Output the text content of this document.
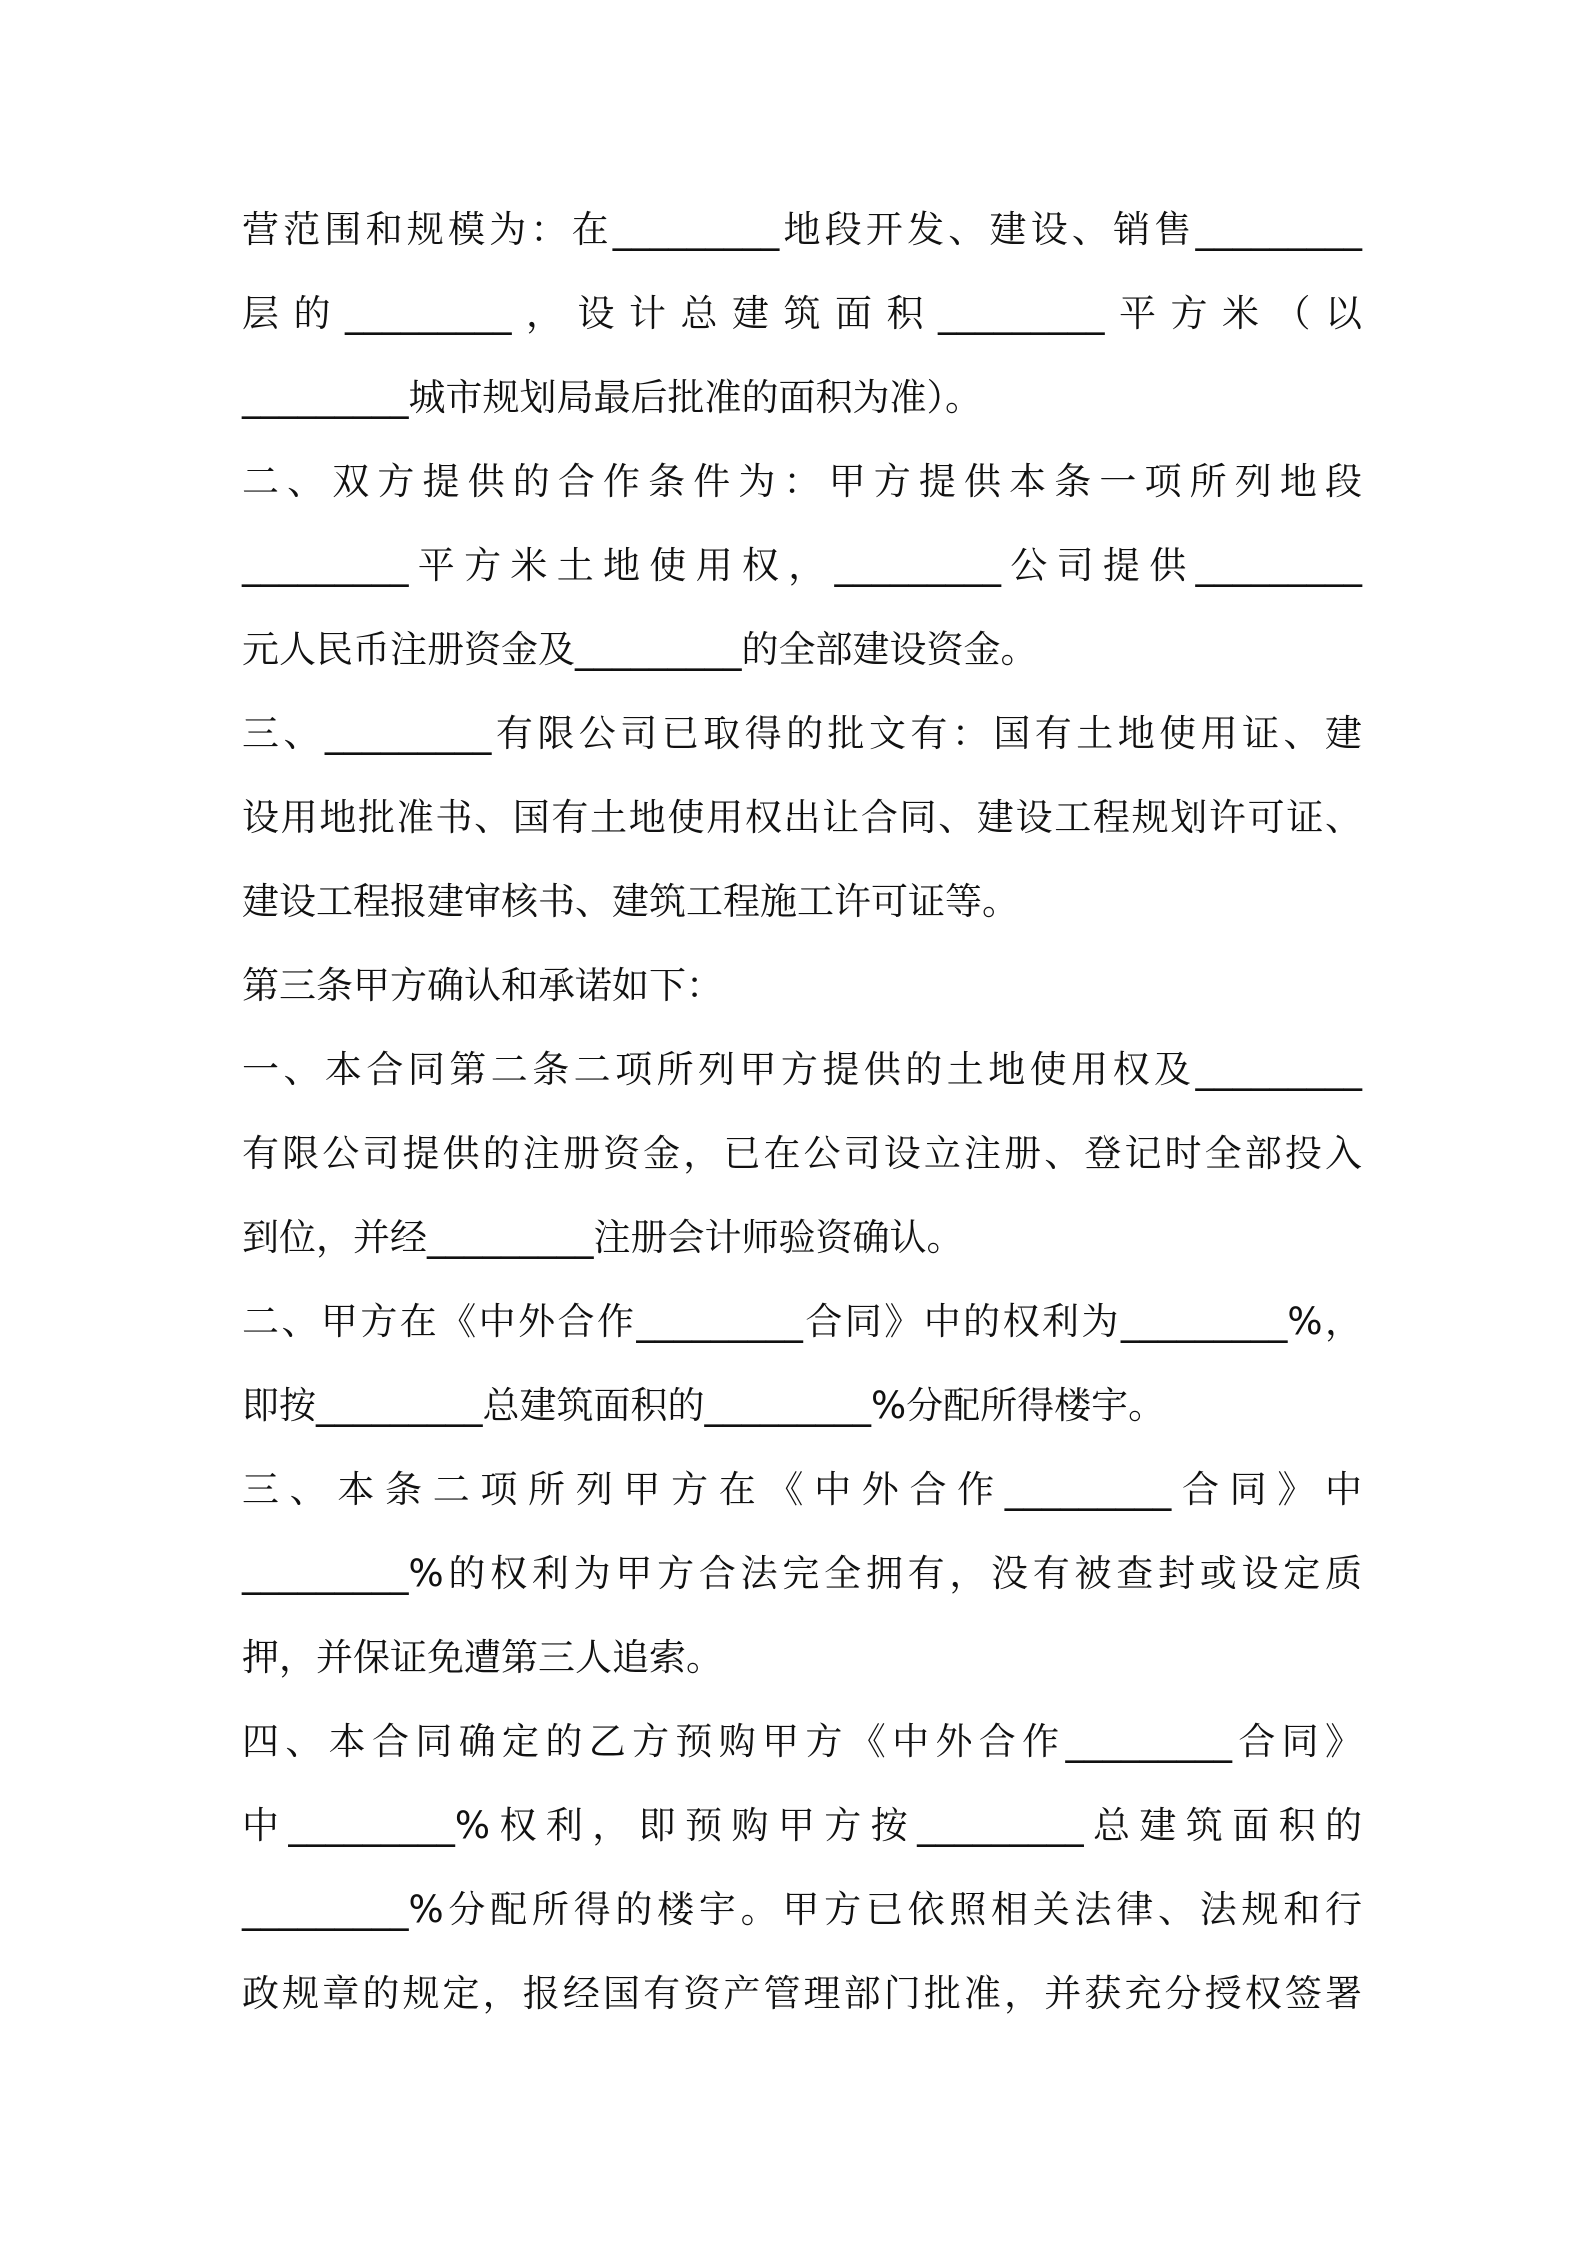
营范围和规模为：在_________地段开发、建设、销售_________
层的_________，设计总建筑面积_________平方米（以
_________城市规划局最后批准的面积为准）。
二、双方提供的合作条件为：甲方提供本条一项所列地段
_________平方米土地使用权，_________公司提供_________
元人民币注册资金及_________的全部建设资金。
三、_________有限公司已取得的批文有：国有土地使用证、建
设用地批准书、国有土地使用权出让合同、建设工程规划许可证、
建设工程报建审核书、建筑工程施工许可证等。
第三条甲方确认和承诺如下：
一、本合同第二条二项所列甲方提供的土地使用权及_________
有限公司提供的注册资金，已在公司设立注册、登记时全部投入
到位，并经_________注册会计师验资确认。
二、甲方在《中外合作_________合同》中的权利为_________%，
即按_________总建筑面积的_________%分配所得楼宇。
三、本条二项所列甲方在《中外合作_________合同》中
_________%的权利为甲方合法完全拥有，没有被查封或设定质
押，并保证免遭第三人追索。
四、本合同确定的乙方预购甲方《中外合作_________合同》
中_________%权利，即预购甲方按_________总建筑面积的
_________%分配所得的楼宇。甲方已依照相关法律、法规和行
政规章的规定，报经国有资产管理部门批准，并获充分授权签署
